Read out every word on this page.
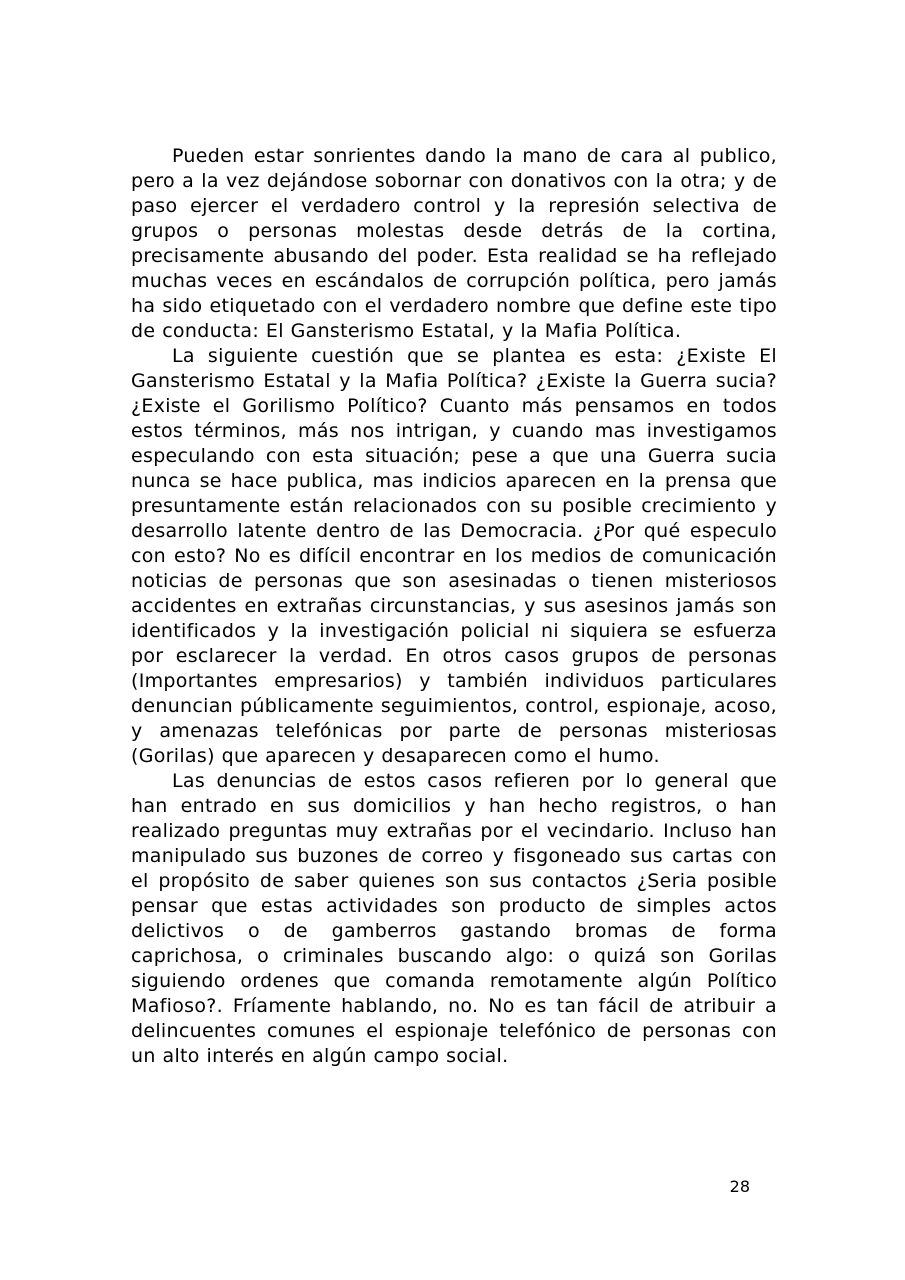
Pueden estar sonrientes dando la mano de cara al publico, pero a la vez dejándose sobornar con donativos con la otra; y de paso ejercer el verdadero control y la represión selectiva de grupos o personas molestas desde detrás de la cortina, precisamente abusando del poder. Esta realidad se ha reflejado muchas veces en escándalos de corrupción política, pero jamás ha sido etiquetado con el verdadero nombre que define este tipo de conducta: El Gansterismo Estatal, y la Mafia Política.

La siguiente cuestión que se plantea es esta: ¿Existe El Gansterismo Estatal y la Mafia Política? ¿Existe la Guerra sucia? ¿Existe el Gorilismo Político? Cuanto más pensamos en todos estos términos, más nos intrigan, y cuando mas investigamos especulando con esta situación; pese a que una Guerra sucia nunca se hace publica, mas indicios aparecen en la prensa que presuntamente están relacionados con su posible crecimiento y desarrollo latente dentro de las Democracia. ¿Por qué especulo con esto? No es difícil encontrar en los medios de comunicación noticias de personas que son asesinadas o tienen misteriosos accidentes en extrañas circunstancias, y sus asesinos jamás son identificados y la investigación policial ni siquiera se esfuerza por esclarecer la verdad. En otros casos grupos de personas (Importantes empresarios) y también individuos particulares denuncian públicamente seguimientos, control, espionaje, acoso, y amenazas telefónicas por parte de personas misteriosas (Gorilas) que aparecen y desaparecen como el humo.

Las denuncias de estos casos refieren por lo general que han entrado en sus domicilios y han hecho registros, o han realizado preguntas muy extrañas por el vecindario. Incluso han manipulado sus buzones de correo y fisgoneado sus cartas con el propósito de saber quienes son sus contactos ¿Seria posible pensar que estas actividades son producto de simples actos delictivos o de gamberros gastando bromas de forma caprichosa, o criminales buscando algo: o quizá son Gorilas siguiendo ordenes que comanda remotamente algún Político Mafioso?. Fríamente hablando, no. No es tan fácil de atribuir a delincuentes comunes el espionaje telefónico de personas con un alto interés en algún campo social.

28
